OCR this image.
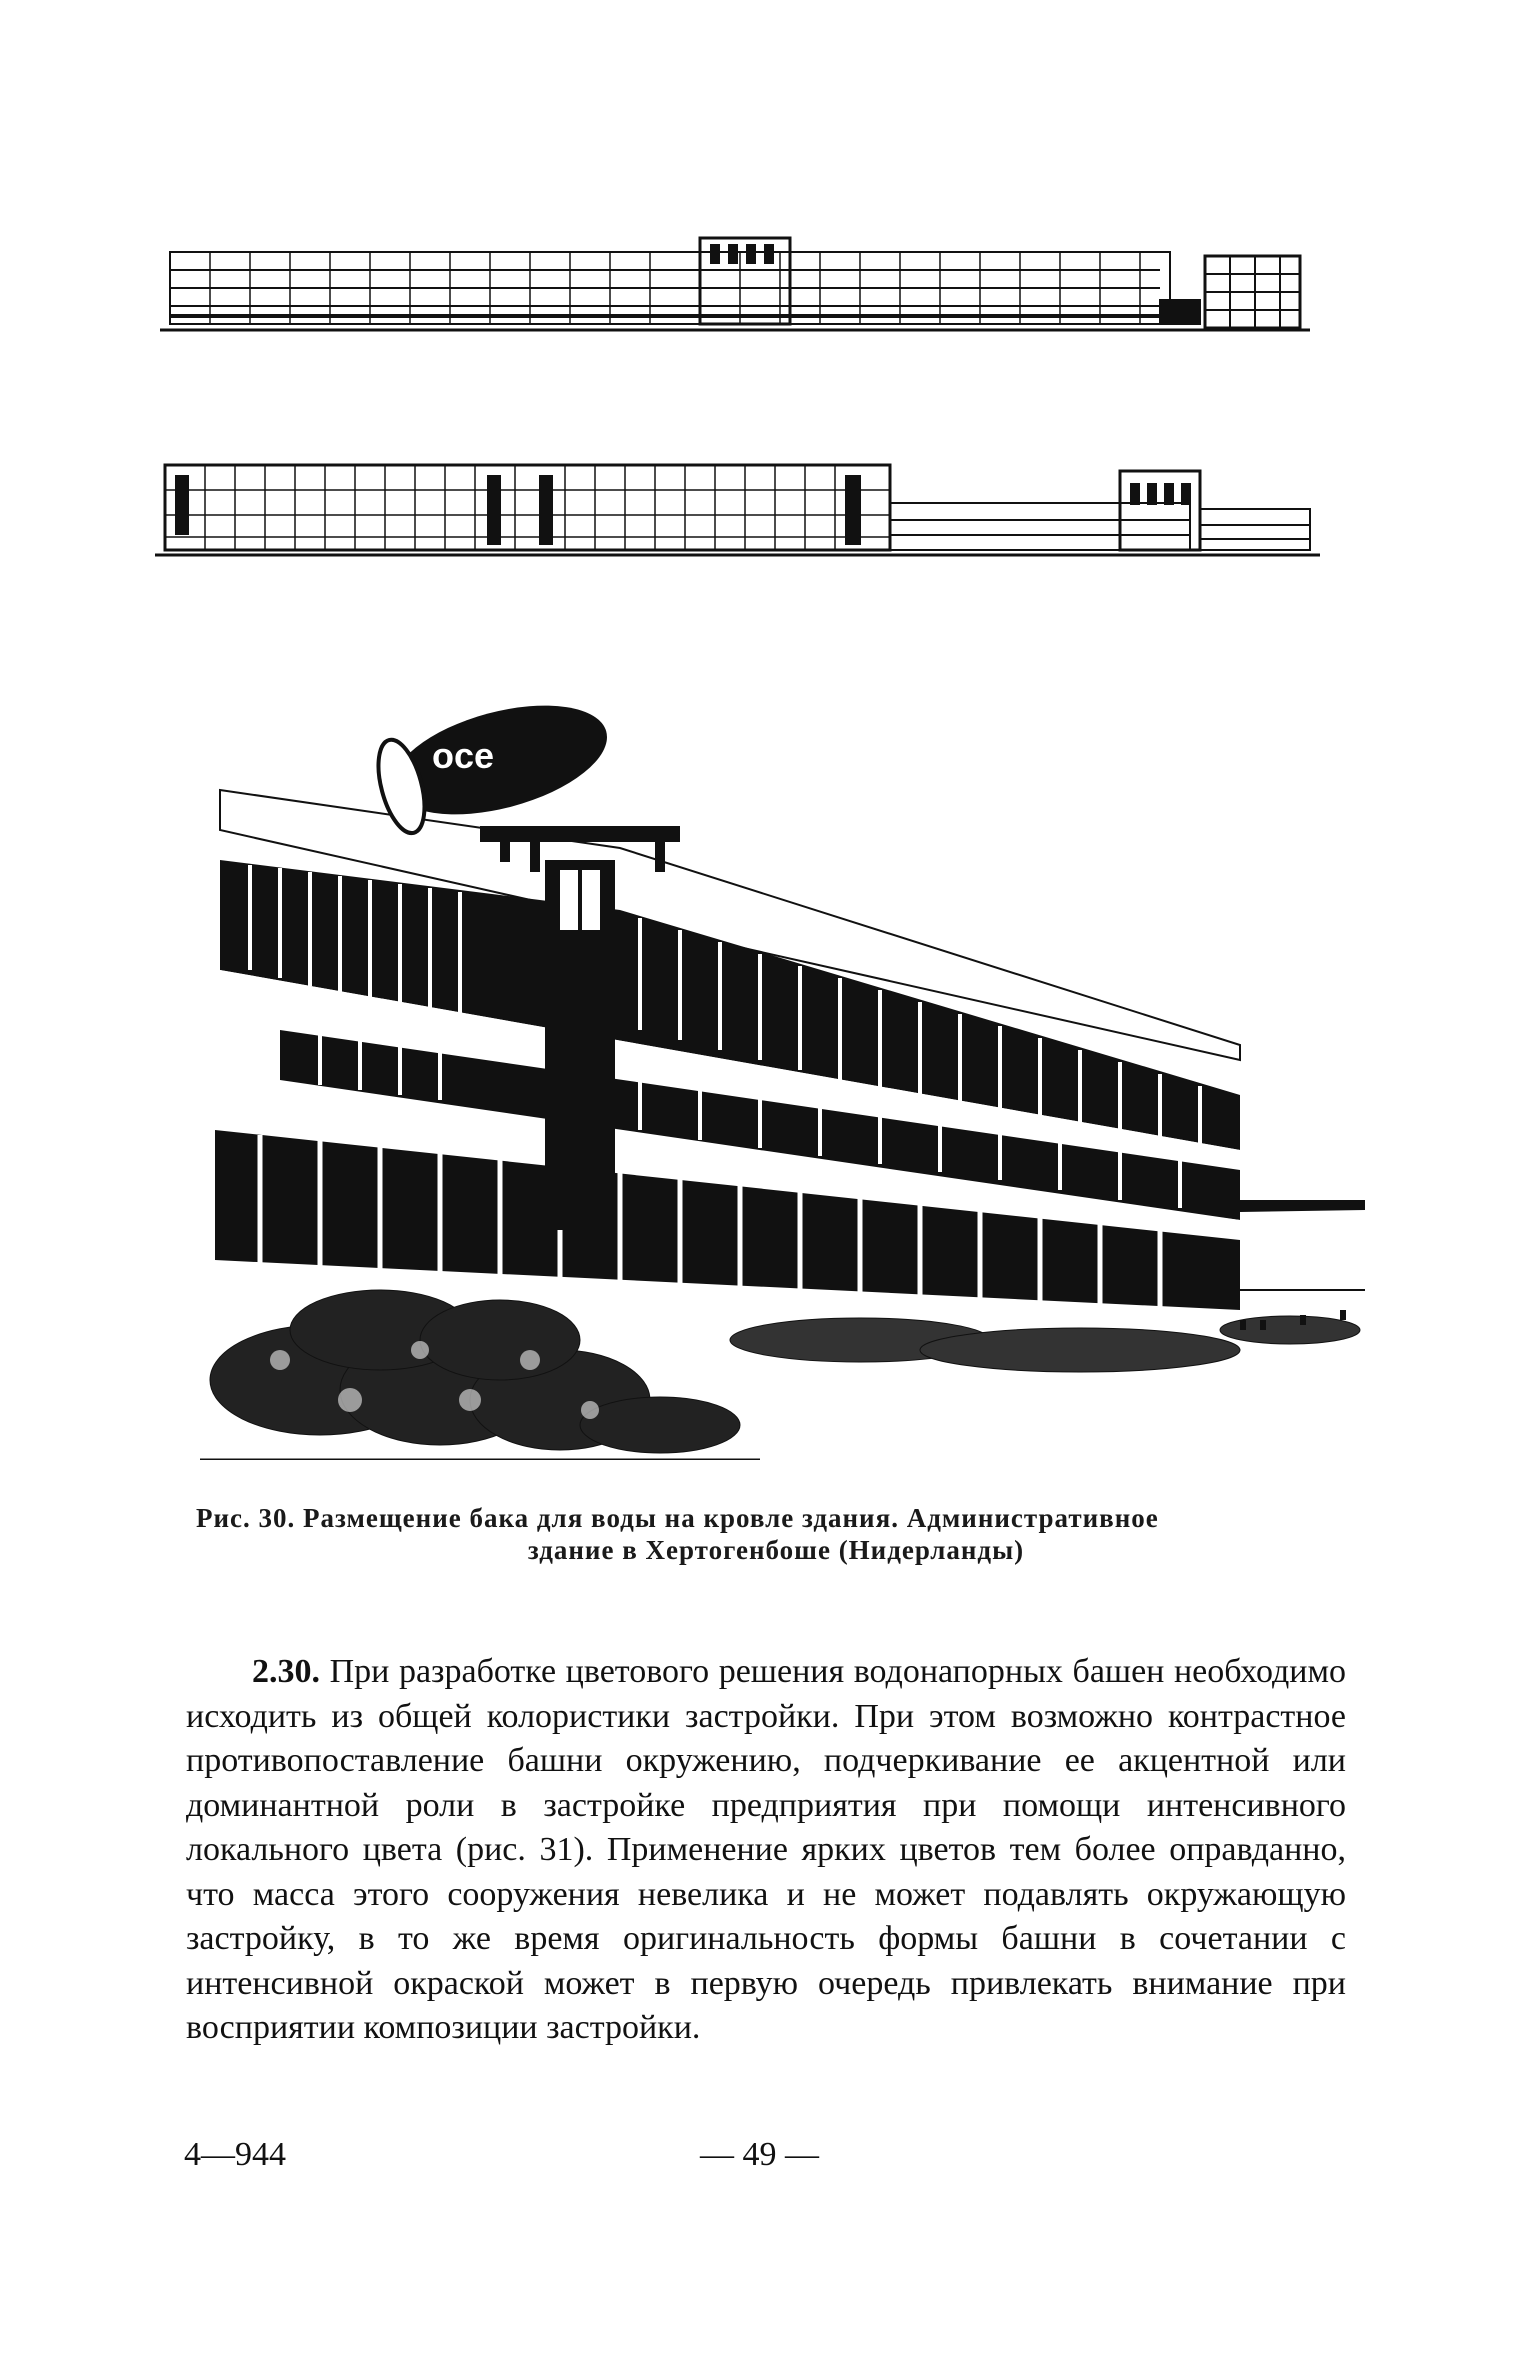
oce
Рис. 30. Размещение бака для воды на кровле здания. Административное
здание в Хертогенбоше (Нидерланды)
2.30. При разработке цветового решения водонапорных башен необходимо исходить из общей колористики застройки. При этом возможно контрастное противопоставление башни окружению, подчеркивание ее акцентной или доминантной роли в застройке предприятия при помощи интенсивного локального цвета (рис. 31). Применение ярких цветов тем более оправданно, что масса этого сооружения невелика и не может подавлять окружающую застройку, в то же время оригинальность формы башни в сочетании с интенсивной окраской может в первую очередь привлекать внимание при восприятии композиции застройки.
4—944	— 49 —
